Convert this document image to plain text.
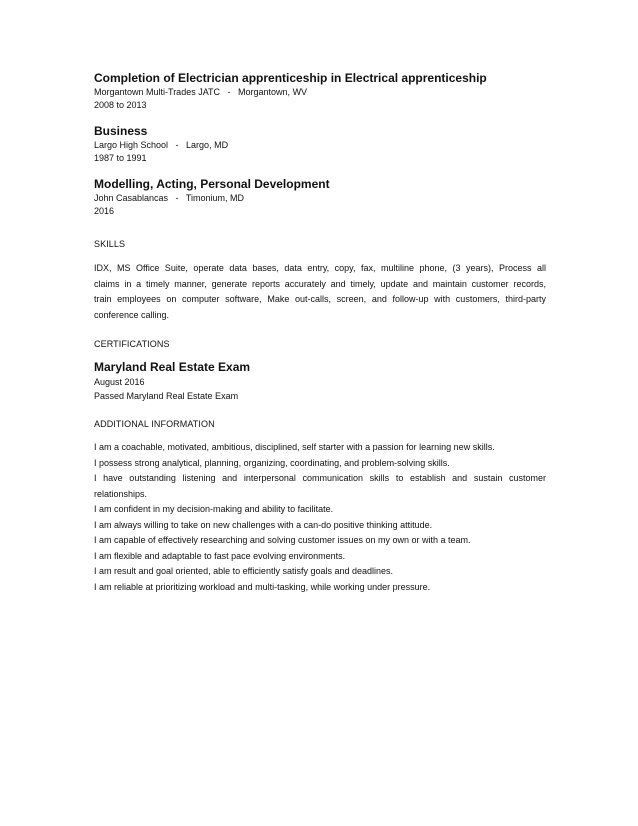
Completion of Electrician apprenticeship in Electrical apprenticeship
Morgantown Multi-Trades JATC   -   Morgantown, WV
2008 to 2013
Business
Largo High School   -   Largo, MD
1987 to 1991
Modelling, Acting, Personal Development
John Casablancas   -   Timonium, MD
2016
SKILLS
IDX, MS Office Suite, operate data bases, data entry, copy, fax, multiline phone, (3 years), Process all
claims in a timely manner, generate reports accurately and timely, update and maintain customer records,
train employees on computer software, Make out-calls, screen, and follow-up with customers, third-party
conference calling.
CERTIFICATIONS
Maryland Real Estate Exam
August 2016
Passed Maryland Real Estate Exam
ADDITIONAL INFORMATION
I am a coachable, motivated, ambitious, disciplined, self starter with a passion for learning new skills.
I possess strong analytical, planning, organizing, coordinating, and problem-solving skills.
I have outstanding listening and interpersonal communication skills to establish and sustain customer
relationships.
I am confident in my decision-making and ability to facilitate.
I am always willing to take on new challenges with a can-do positive thinking attitude.
I am capable of effectively researching and solving customer issues on my own or with a team.
I am flexible and adaptable to fast pace evolving environments.
I am result and goal oriented, able to efficiently satisfy goals and deadlines.
I am reliable at prioritizing workload and multi-tasking, while working under pressure.
